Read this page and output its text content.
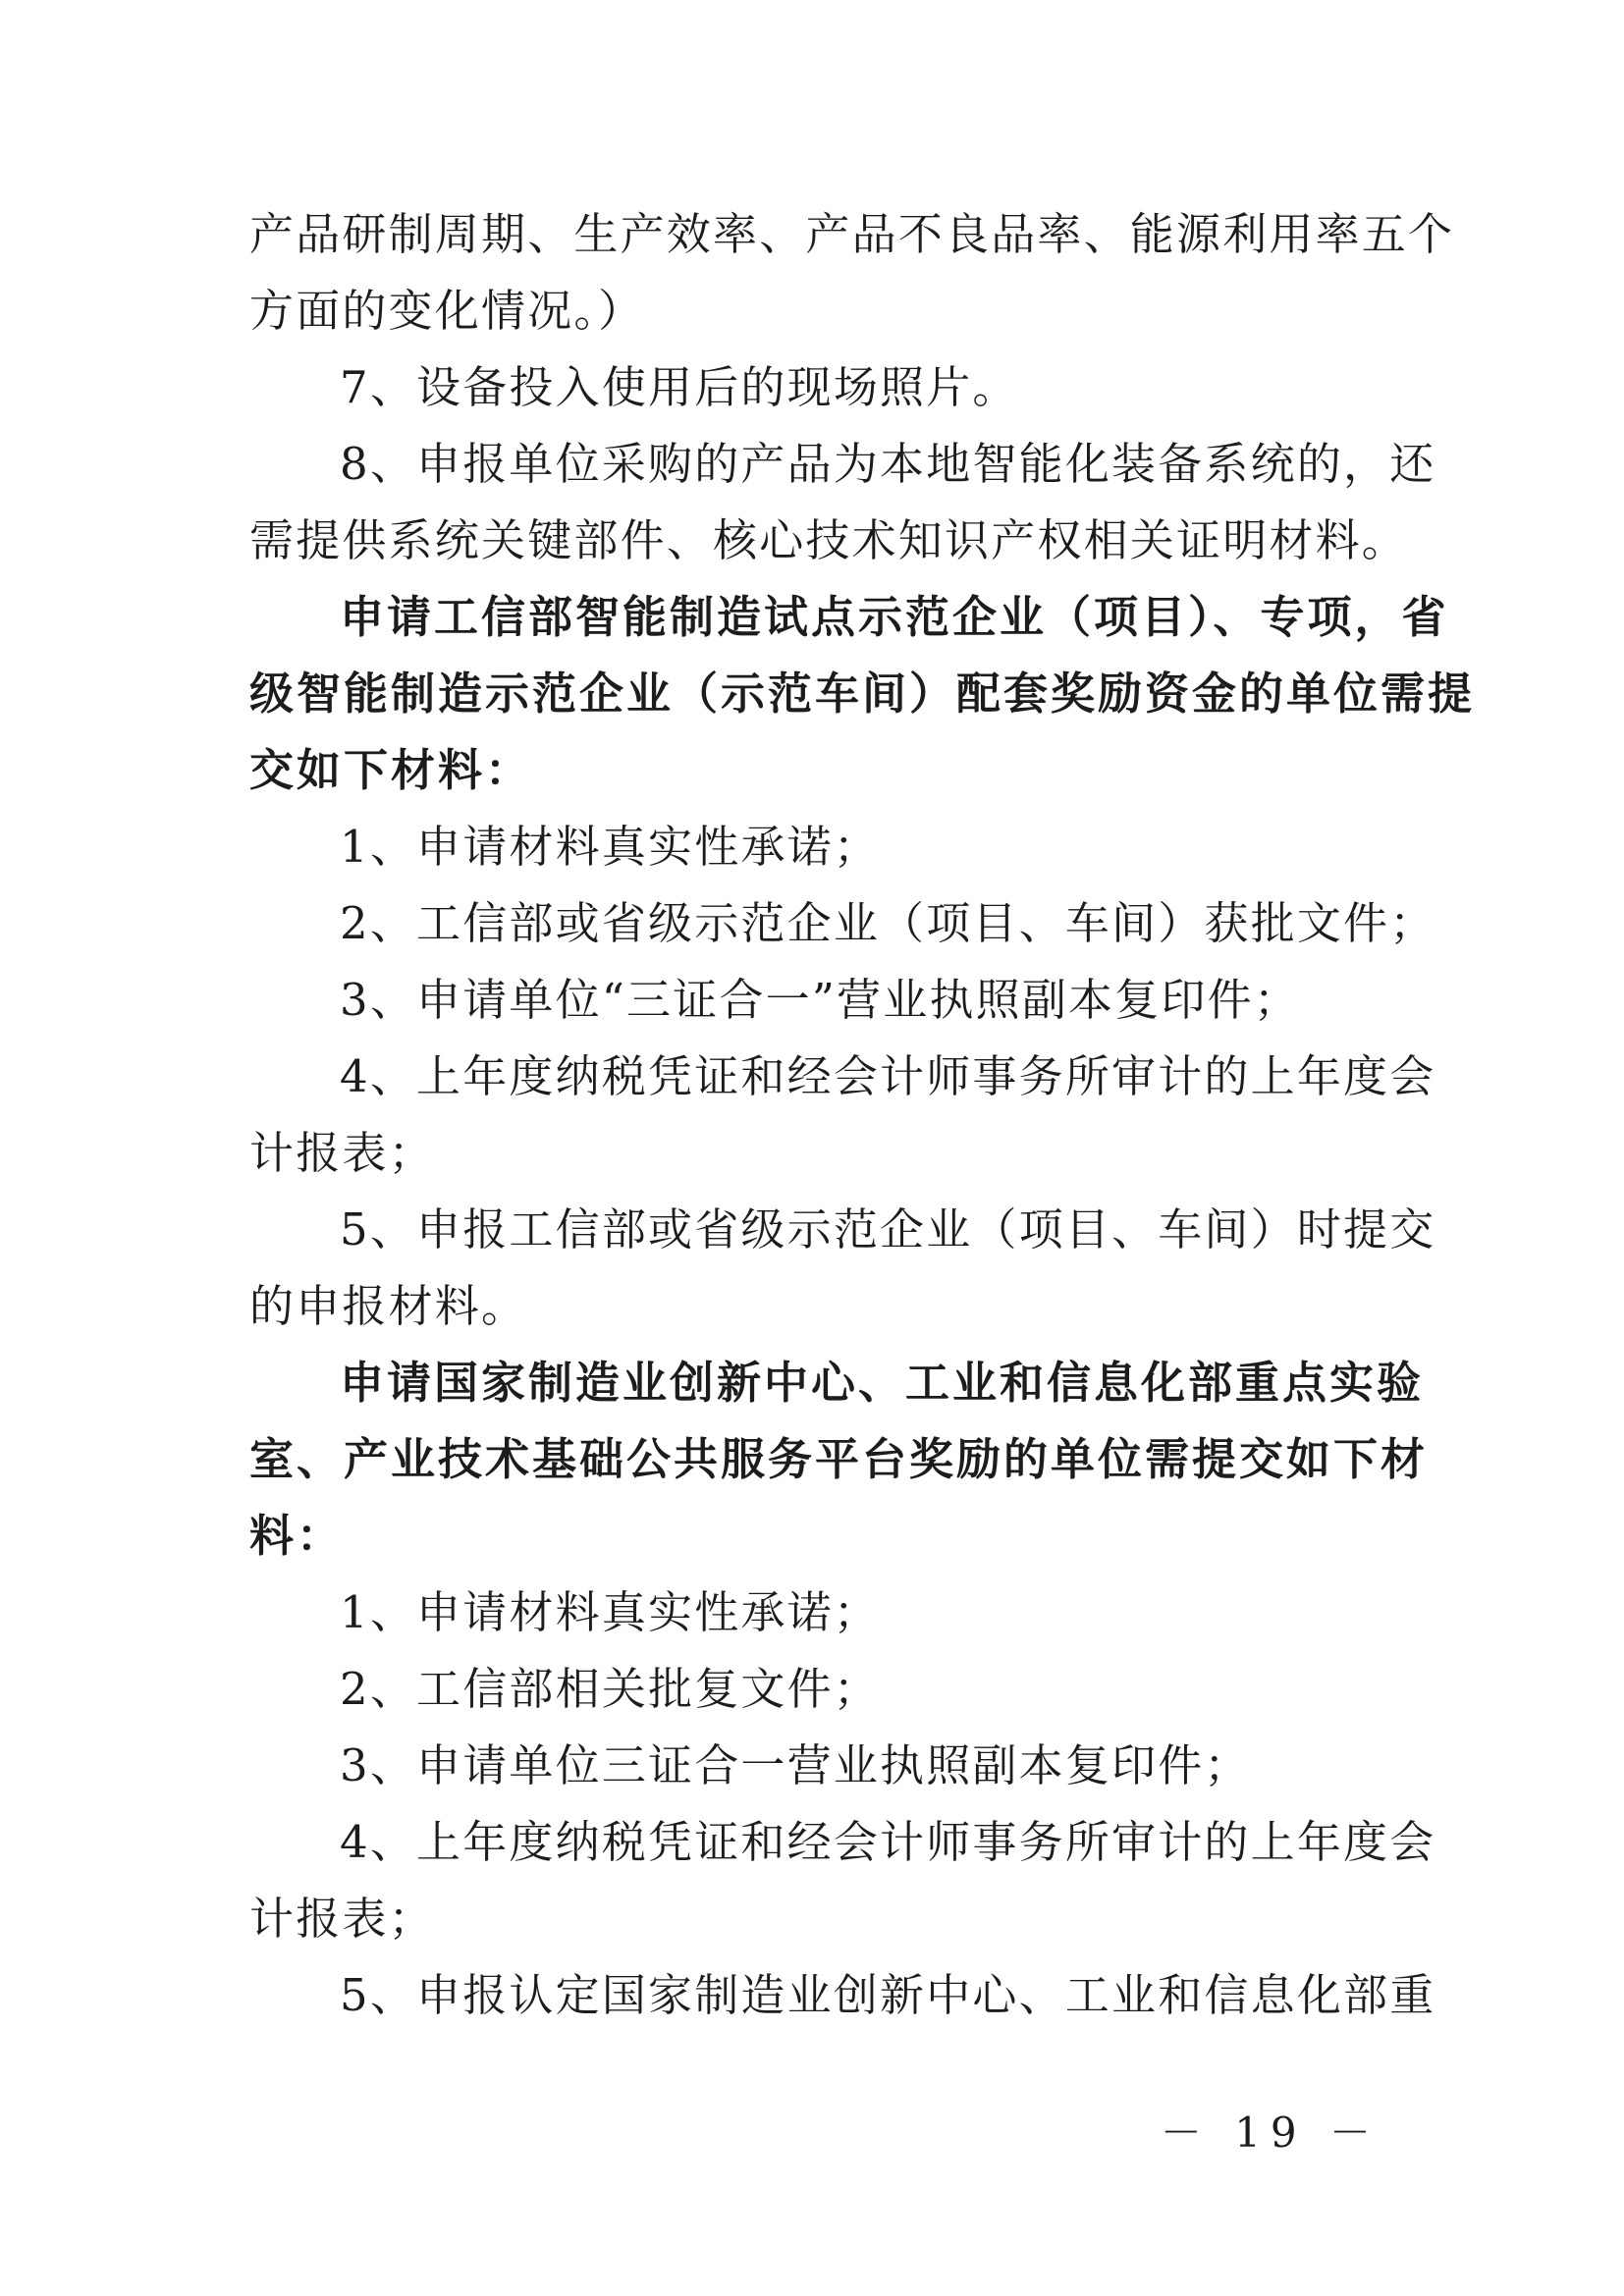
产品研制周期、生产效率、产品不良品率、能源利用率五个
方面的变化情况。）
7、设备投入使用后的现场照片。
8、申报单位采购的产品为本地智能化装备系统的，还
需提供系统关键部件、核心技术知识产权相关证明材料。
申请工信部智能制造试点示范企业（项目）、专项，省
级智能制造示范企业（示范车间）配套奖励资金的单位需提
交如下材料：
1、申请材料真实性承诺；
2、工信部或省级示范企业（项目、车间）获批文件；
3、申请单位“三证合一”营业执照副本复印件；
4、上年度纳税凭证和经会计师事务所审计的上年度会
计报表；
5、申报工信部或省级示范企业（项目、车间）时提交
的申报材料。
申请国家制造业创新中心、工业和信息化部重点实验
室、产业技术基础公共服务平台奖励的单位需提交如下材
料：
1、申请材料真实性承诺；
2、工信部相关批复文件；
3、申请单位三证合一营业执照副本复印件；
4、上年度纳税凭证和经会计师事务所审计的上年度会
计报表；
5、申报认定国家制造业创新中心、工业和信息化部重
－ 19 －
